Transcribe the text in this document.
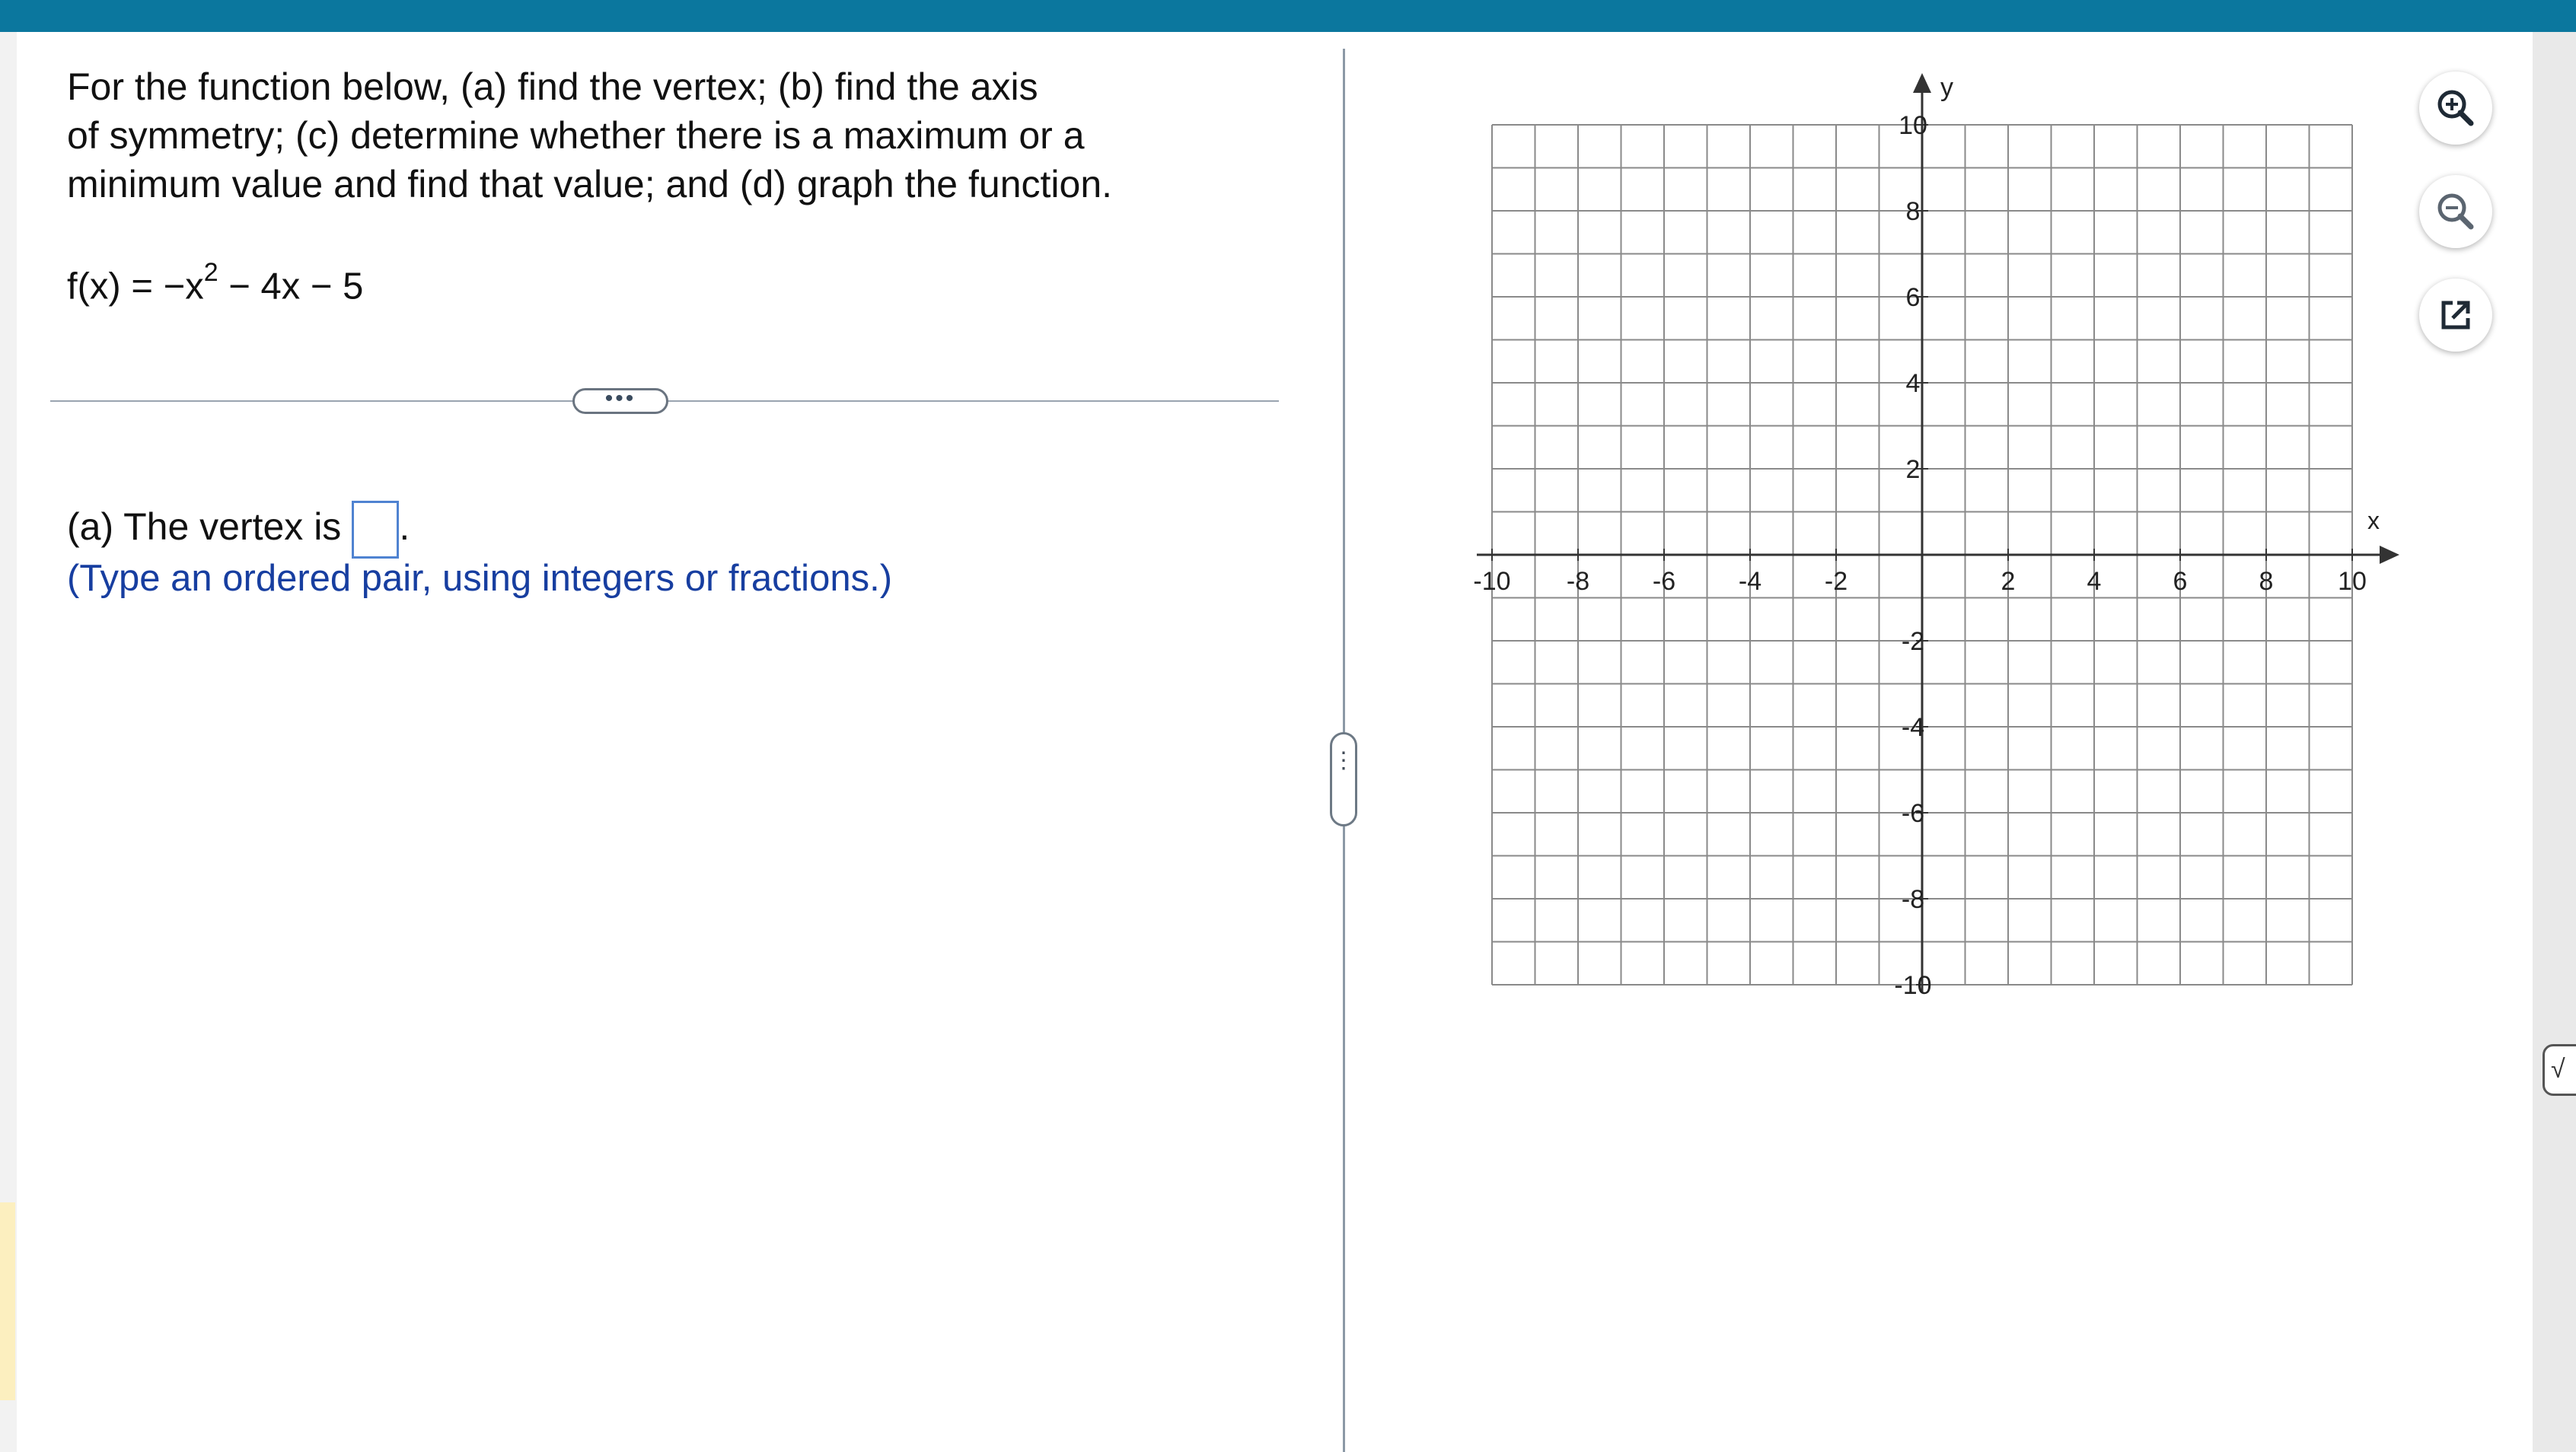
For the function below, (a) find the vertex; (b) find the axis
of symmetry; (c) determine whether there is a maximum or a
minimum value and find that value; and (d) graph the function.
$f(x) = -x^2 - 4x - 5$
•••
(a) The vertex is .
(Type an ordered pair, using integers or fractions.)
⋮
-10 -8 -6 -4 -2	2	4	6	8 10
10
8
6
4
2
-2
-4
-6
-8
-10
x
y
√
